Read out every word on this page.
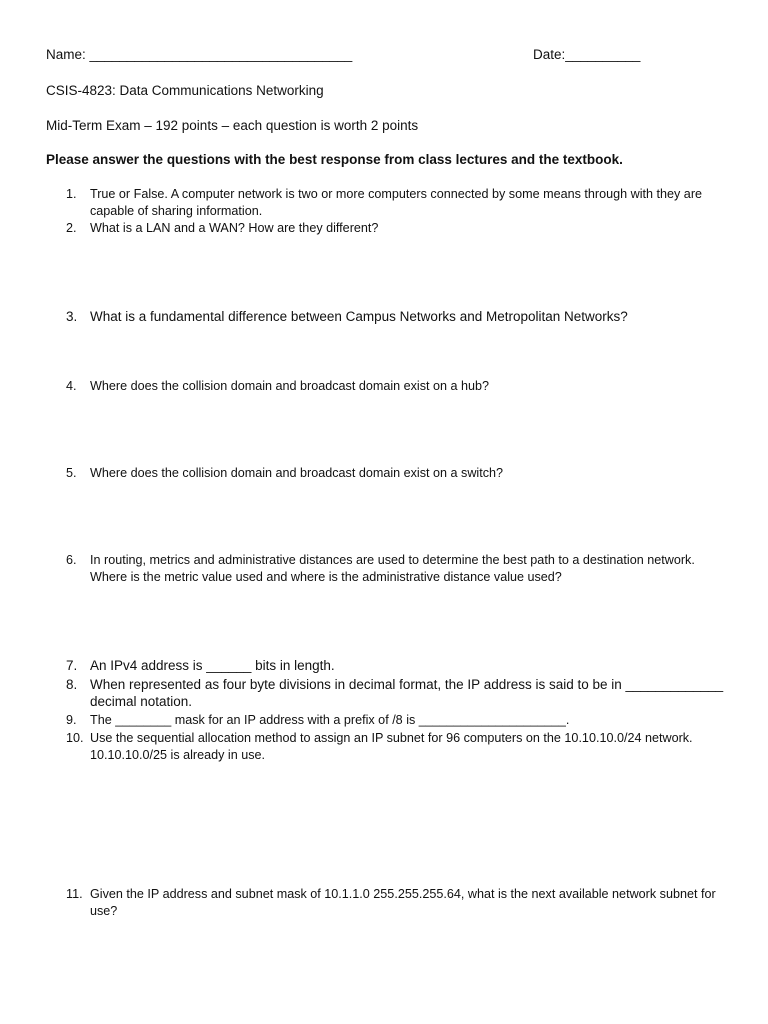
Name: ___________________________________	Date:__________
CSIS-4823: Data Communications Networking
Mid-Term Exam – 192 points – each question is worth 2 points
Please answer the questions with the best response from class lectures and the textbook.
1.	True or False. A computer network is two or more computers connected by some means through with they are capable of sharing information.
2.	What is a LAN and a WAN? How are they different?
3. What is a fundamental difference between Campus Networks and Metropolitan Networks?
4.	Where does the collision domain and broadcast domain exist on a hub?
5.	Where does the collision domain and broadcast domain exist on a switch?
6.	In routing, metrics and administrative distances are used to determine the best path to a destination network. Where is the metric value used and where is the administrative distance value used?
7. An IPv4 address is ______ bits in length.
8. When represented as four byte divisions in decimal format, the IP address is said to be in _____________ decimal notation.
9.	The ________ mask for an IP address with a prefix of /8 is _____________________.
10. Use the sequential allocation method to assign an IP subnet for 96 computers on the 10.10.10.0/24 network. 10.10.10.0/25 is already in use.
11. Given the IP address and subnet mask of 10.1.1.0 255.255.255.64, what is the next available network subnet for use?
